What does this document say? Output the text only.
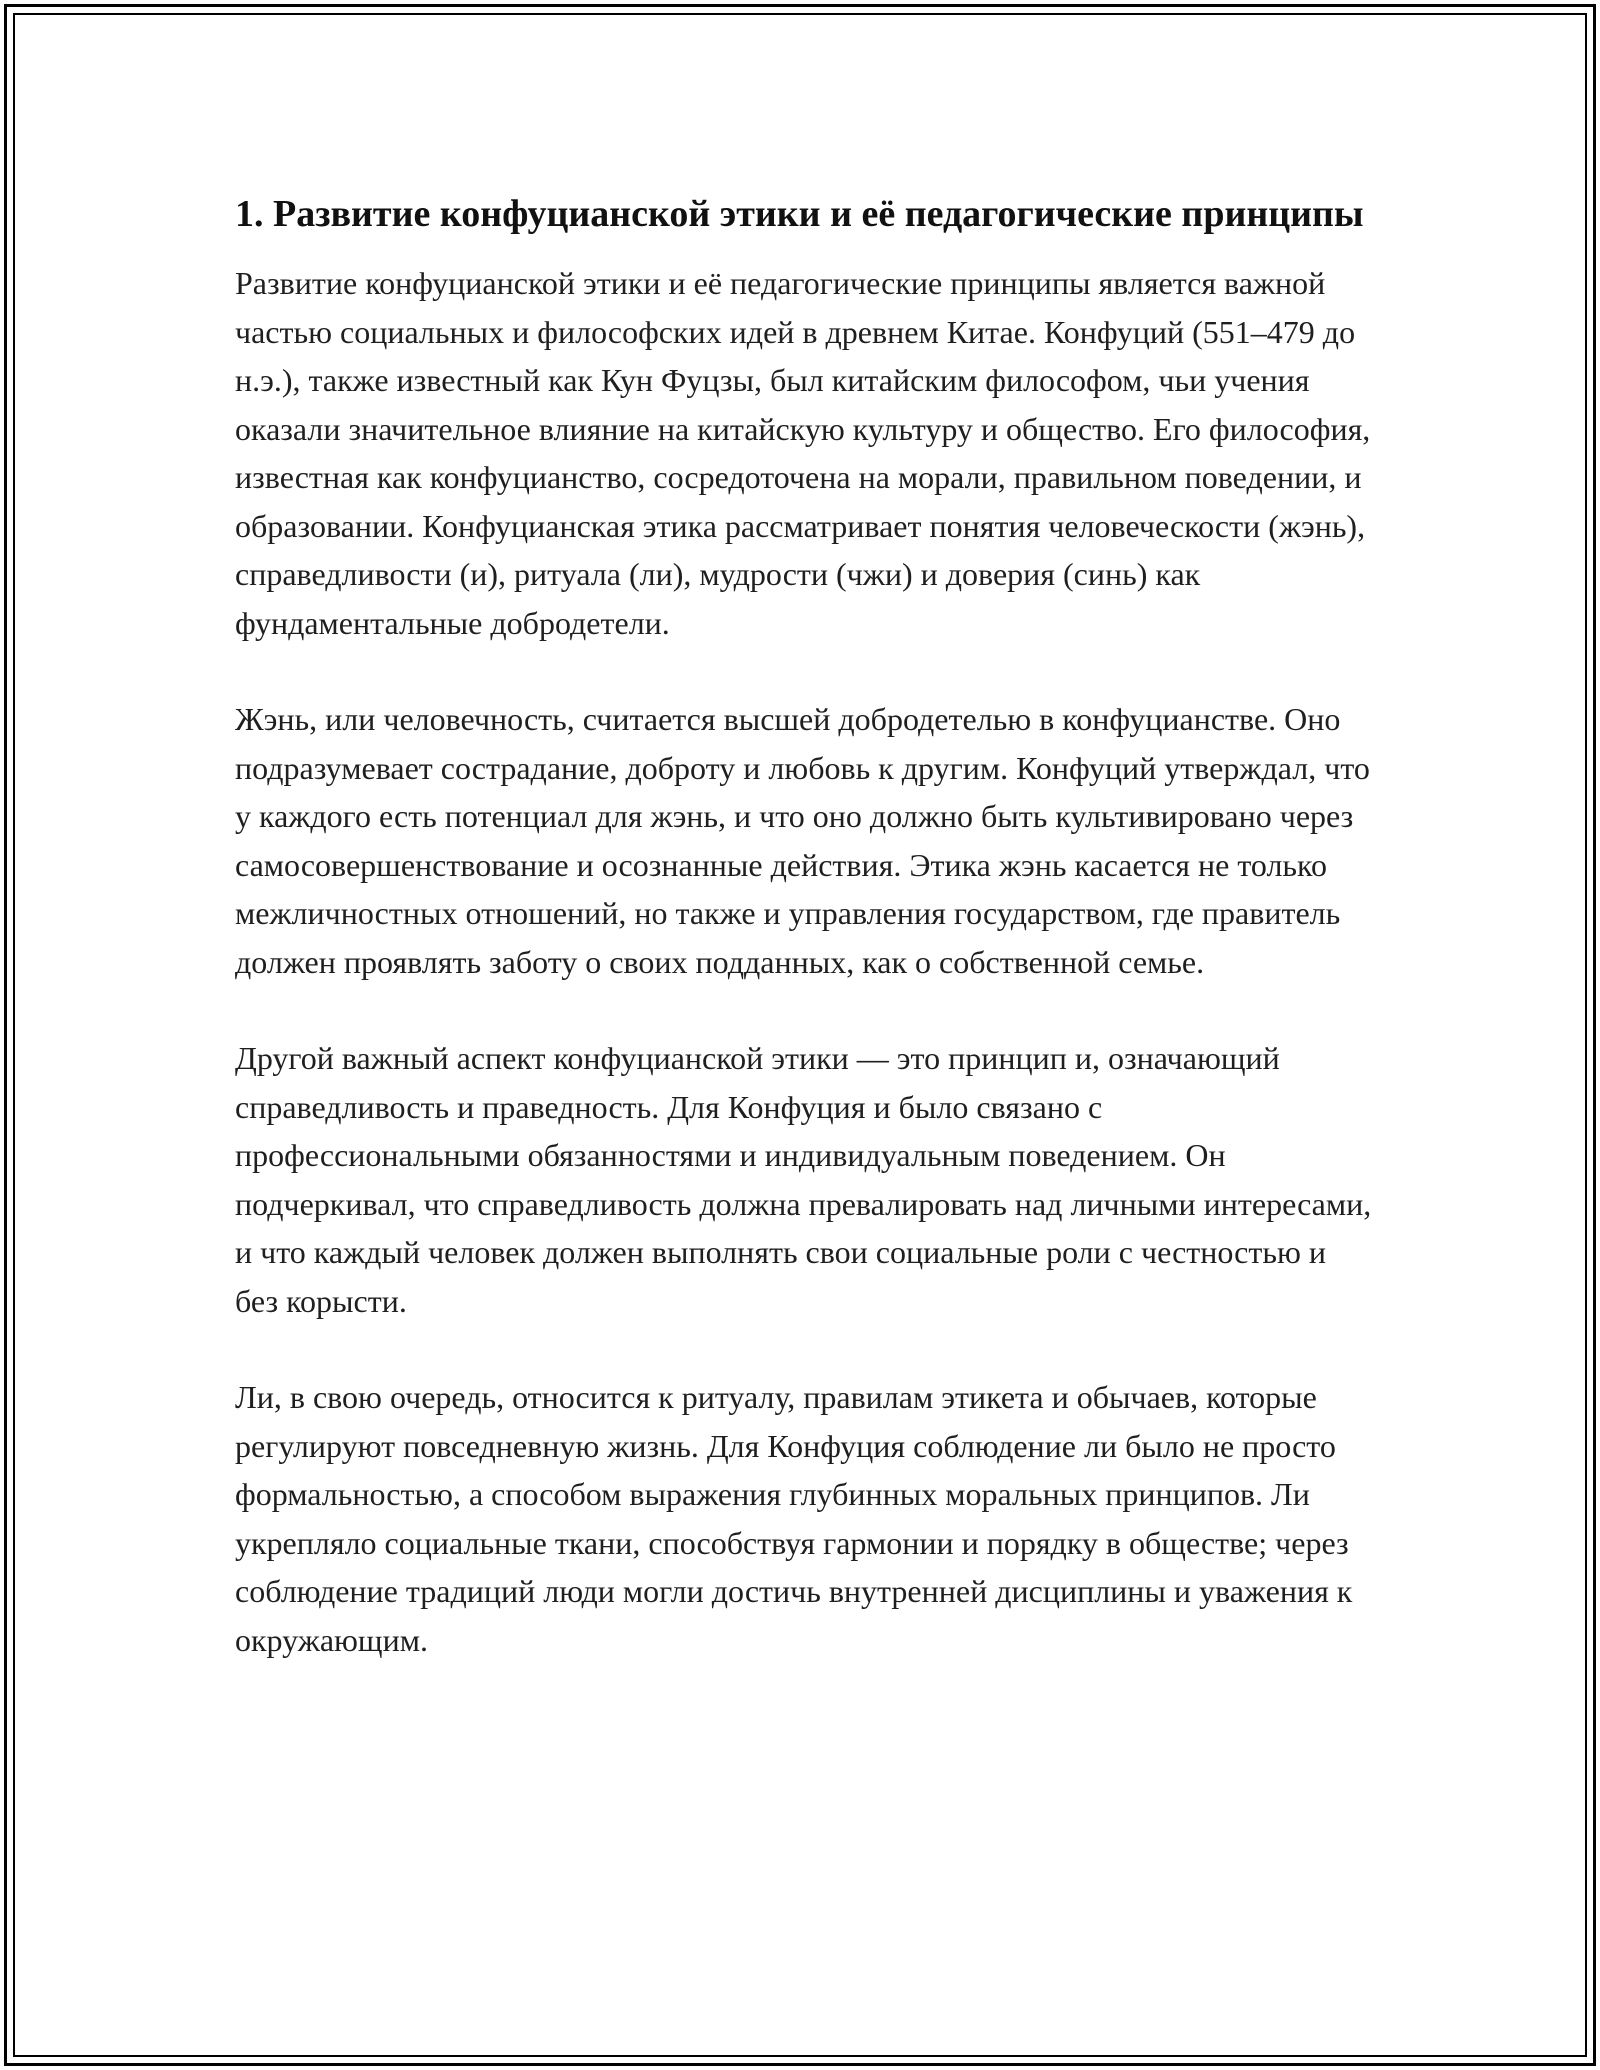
1. Развитие конфуцианской этики и её педагогические принципы

Развитие конфуцианской этики и её педагогические принципы является важной частью социальных и философских идей в древнем Китае. Конфуций (551–479 до н.э.), также известный как Кун Фуцзы, был китайским философом, чьи учения оказали значительное влияние на китайскую культуру и общество. Его философия, известная как конфуцианство, сосредоточена на морали, правильном поведении, и образовании. Конфуцианская этика рассматривает понятия человеческости (жэнь), справедливости (и), ритуала (ли), мудрости (чжи) и доверия (синь) как фундаментальные добродетели.

Жэнь, или человечность, считается высшей добродетелью в конфуцианстве. Оно подразумевает сострадание, доброту и любовь к другим. Конфуций утверждал, что у каждого есть потенциал для жэнь, и что оно должно быть культивировано через самосовершенствование и осознанные действия. Этика жэнь касается не только межличностных отношений, но также и управления государством, где правитель должен проявлять заботу о своих подданных, как о собственной семье.

Другой важный аспект конфуцианской этики — это принцип и, означающий справедливость и праведность. Для Конфуция и было связано с профессиональными обязанностями и индивидуальным поведением. Он подчеркивал, что справедливость должна превалировать над личными интересами, и что каждый человек должен выполнять свои социальные роли с честностью и без корысти.

Ли, в свою очередь, относится к ритуалу, правилам этикета и обычаев, которые регулируют повседневную жизнь. Для Конфуция соблюдение ли было не просто формальностью, а способом выражения глубинных моральных принципов. Ли укрепляло социальные ткани, способствуя гармонии и порядку в обществе; через соблюдение традиций люди могли достичь внутренней дисциплины и уважения к окружающим.
